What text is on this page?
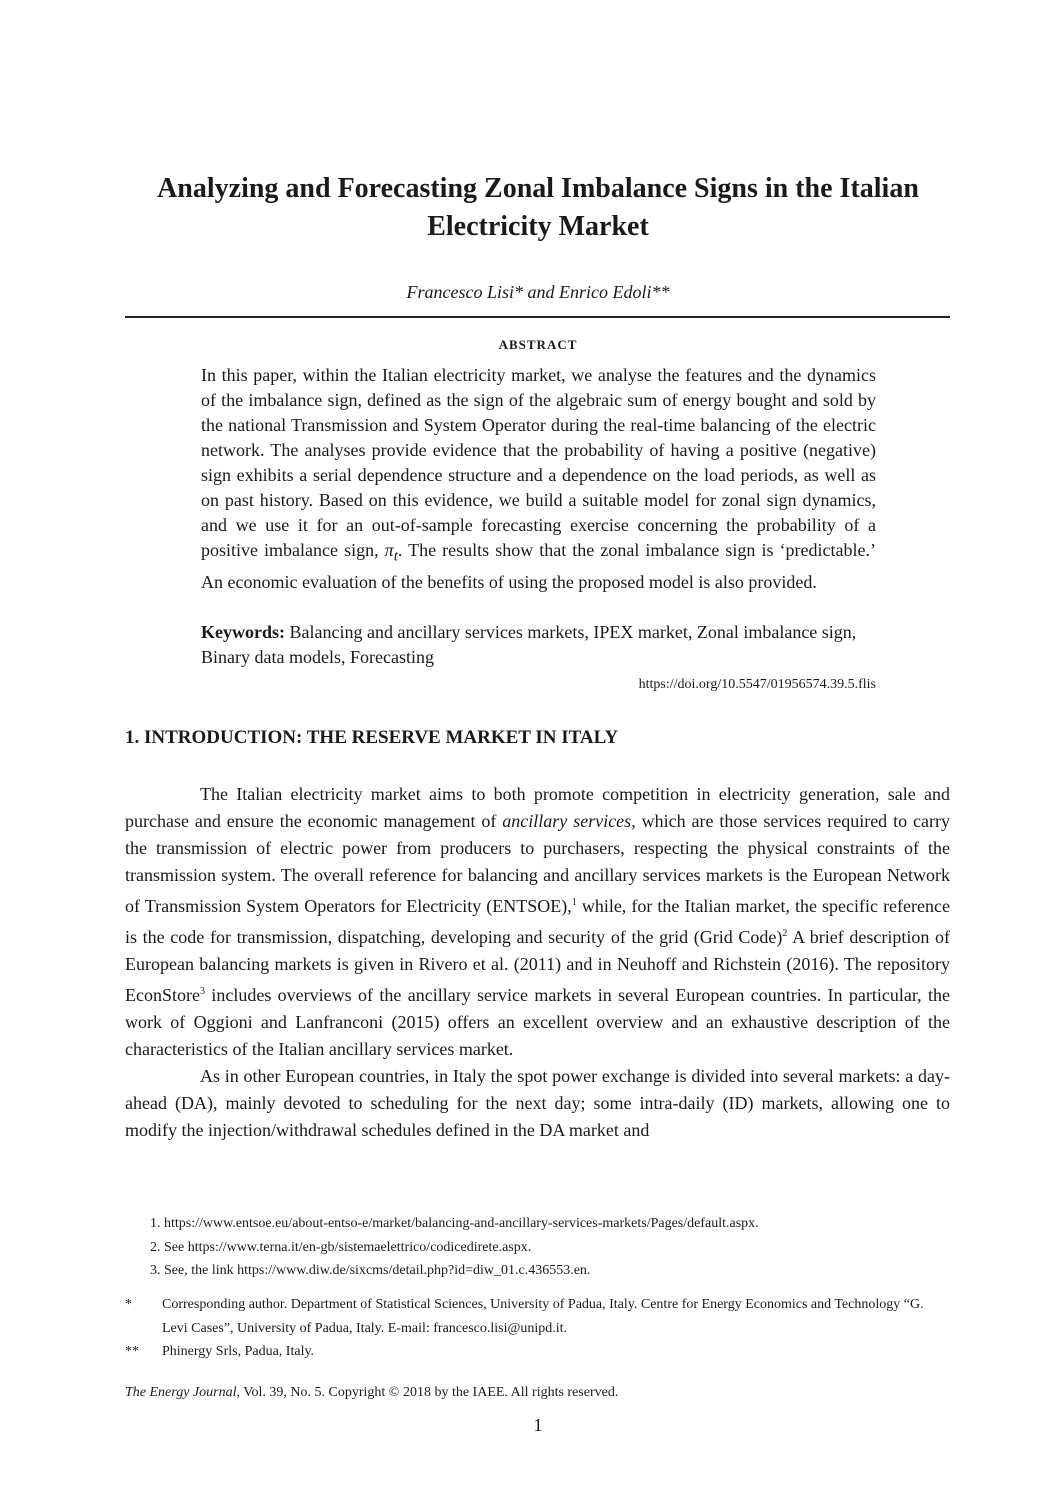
Analyzing and Forecasting Zonal Imbalance Signs in the Italian Electricity Market
Francesco Lisi* and Enrico Edoli**
ABSTRACT
In this paper, within the Italian electricity market, we analyse the features and the dynamics of the imbalance sign, defined as the sign of the algebraic sum of energy bought and sold by the national Transmission and System Operator during the real-time balancing of the electric network. The analyses provide evidence that the probability of having a positive (negative) sign exhibits a serial dependence structure and a dependence on the load periods, as well as on past history. Based on this evidence, we build a suitable model for zonal sign dynamics, and we use it for an out-of-sample forecasting exercise concerning the probability of a positive imbalance sign, $\pi_t$. The results show that the zonal imbalance sign is ‘predictable.’ An economic evaluation of the benefits of using the proposed model is also provided.
Keywords: Balancing and ancillary services markets, IPEX market, Zonal imbalance sign, Binary data models, Forecasting
https://doi.org/10.5547/01956574.39.5.flis
1. INTRODUCTION: THE RESERVE MARKET IN ITALY

The Italian electricity market aims to both promote competition in electricity generation, sale and purchase and ensure the economic management of ancillary services, which are those services required to carry the transmission of electric power from producers to purchasers, respecting the physical constraints of the transmission system. The overall reference for balancing and ancillary services markets is the European Network of Transmission System Operators for Electricity (ENTSOE),$^1$ while, for the Italian market, the specific reference is the code for transmission, dispatching, developing and security of the grid (Grid Code)$^2$ A brief description of European balancing markets is given in Rivero et al. (2011) and in Neuhoff and Richstein (2016). The repository EconStore$^3$ includes overviews of the ancillary service markets in several European countries. In particular, the work of Oggioni and Lanfranconi (2015) offers an excellent overview and an exhaustive description of the characteristics of the Italian ancillary services market.

As in other European countries, in Italy the spot power exchange is divided into several markets: a day-ahead (DA), mainly devoted to scheduling for the next day; some intra-daily (ID) markets, allowing one to modify the injection/withdrawal schedules defined in the DA market and

1. https://www.entsoe.eu/about-entso-e/market/balancing-and-ancillary-services-markets/Pages/default.aspx.
2. See https://www.terna.it/en-gb/sistemaelettrico/codicedirete.aspx.
3. See, the link https://www.diw.de/sixcms/detail.php?id=diw_01.c.436553.en.
*	Corresponding author. Department of Statistical Sciences, University of Padua, Italy. Centre for Energy Economics and Technology “G. Levi Cases”, University of Padua, Italy. E-mail: francesco.lisi@unipd.it.
**	Phinergy Srls, Padua, Italy.
The Energy Journal, Vol. 39, No. 5. Copyright © 2018 by the IAEE. All rights reserved.
1
